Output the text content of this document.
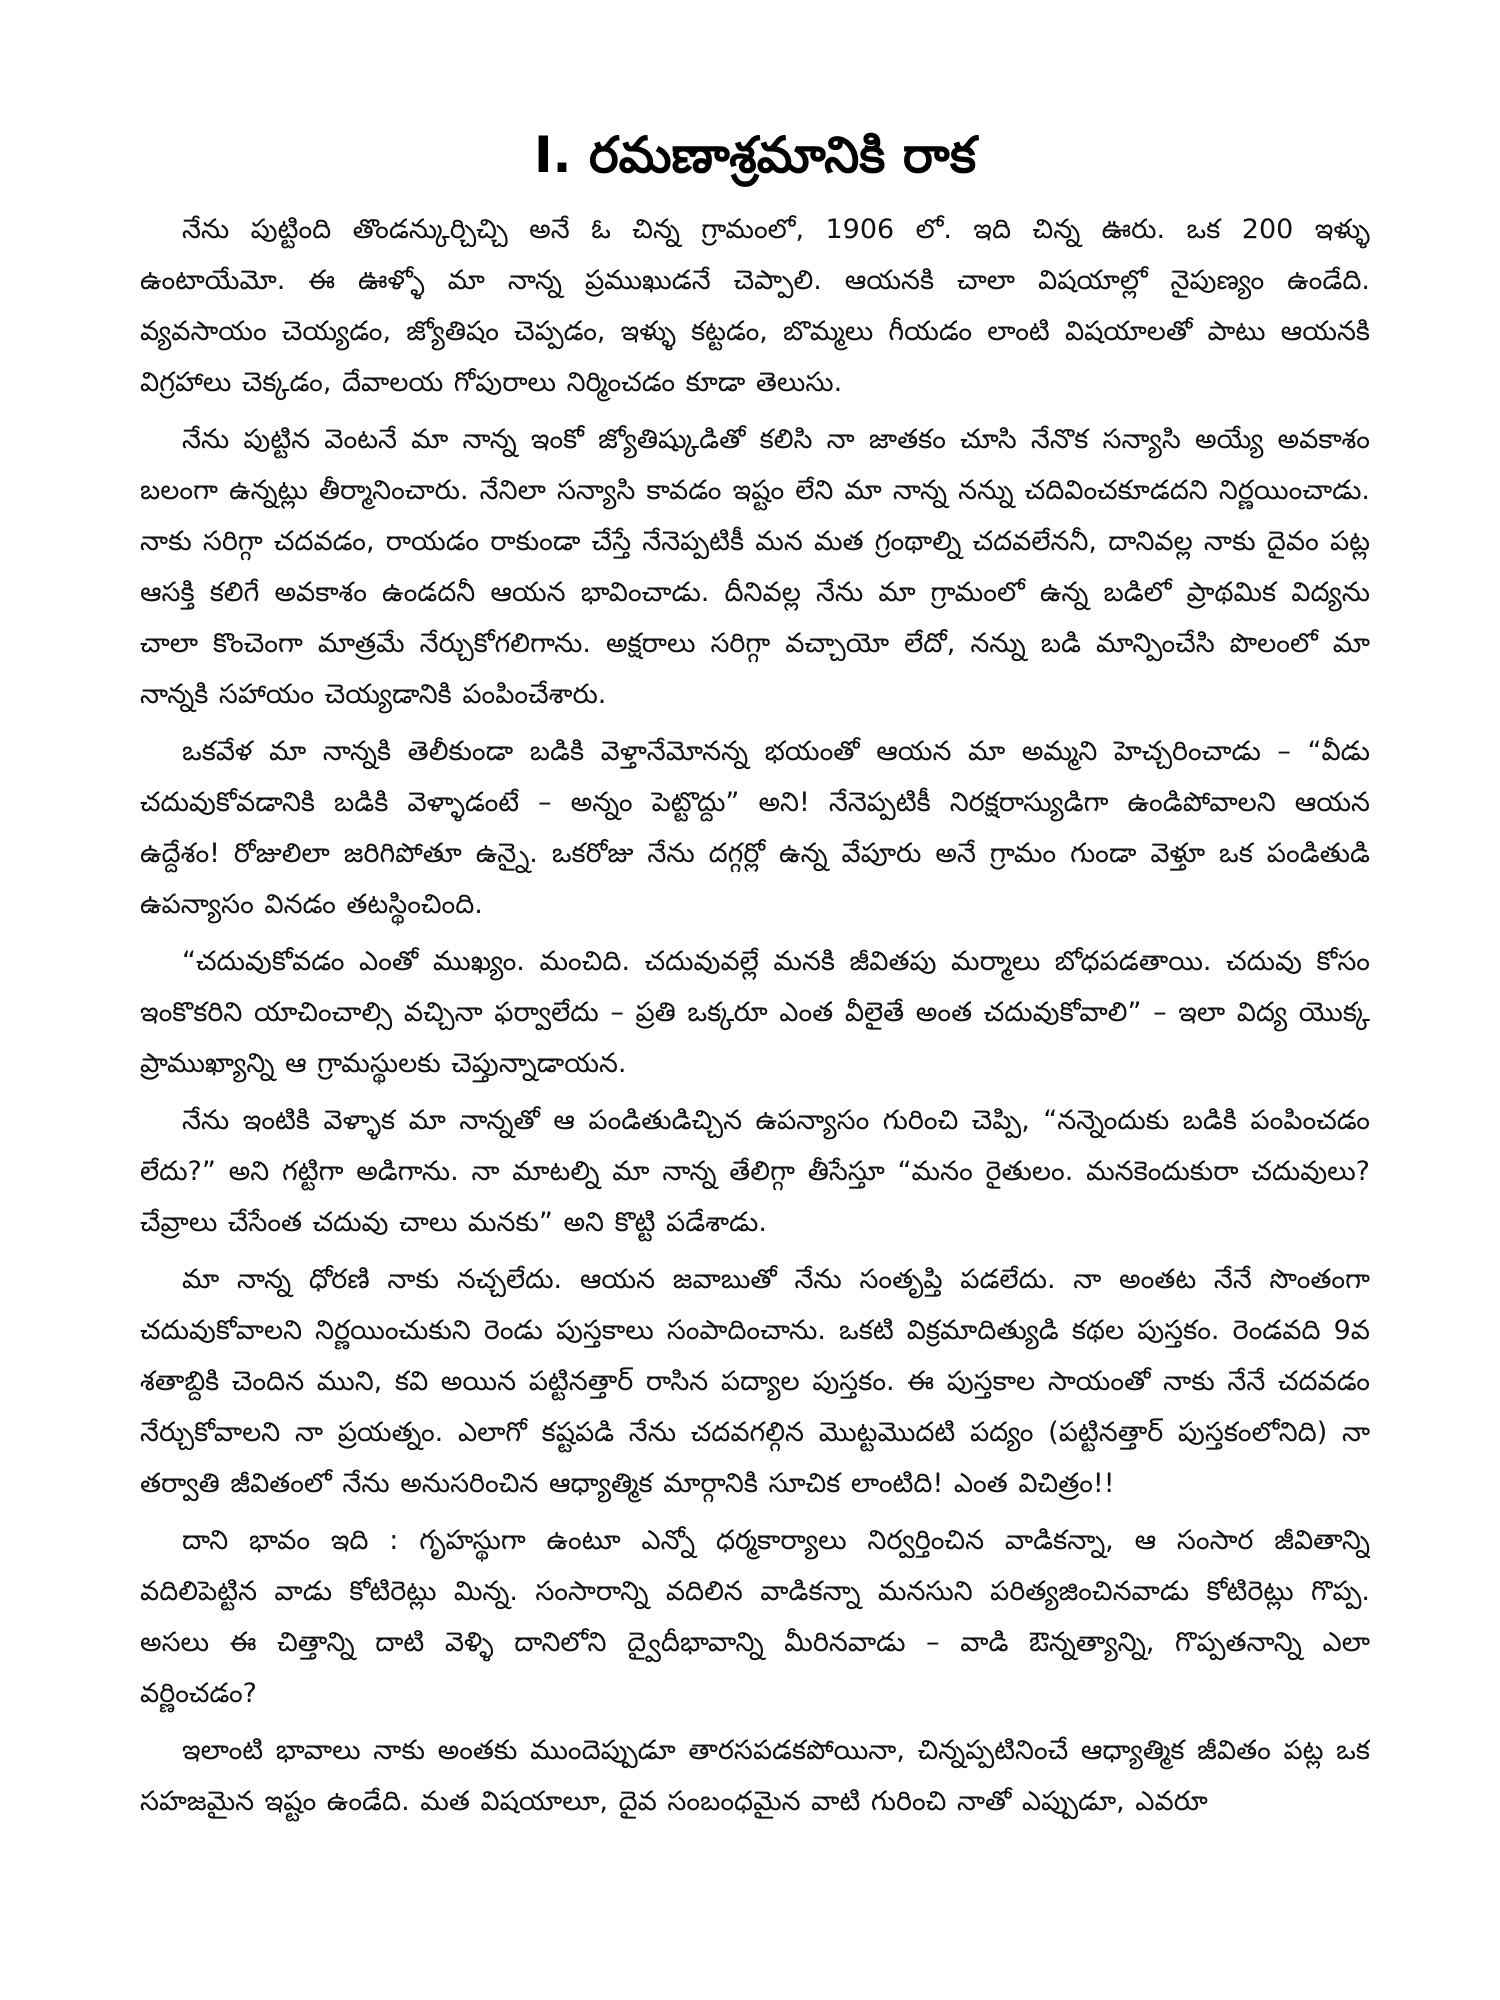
I. రమణాశ్రమానికి రాక

నేను పుట్టింది తొండన్కుర్చిచ్చి అనే ఓ చిన్న గ్రామంలో, 1906 లో. ఇది చిన్న ఊరు. ఒక 200 ఇళ్ళు ఉంటాయేమో. ఈ ఊళ్ళో మా నాన్న ప్రముఖుడనే చెప్పాలి. ఆయనకి చాలా విషయాల్లో నైపుణ్యం ఉండేది. వ్యవసాయం చెయ్యడం, జ్యోతిషం చెప్పడం, ఇళ్ళు కట్టడం, బొమ్మలు గీయడం లాంటి విషయాలతో పాటు ఆయనకి విగ్రహాలు చెక్కడం, దేవాలయ గోపురాలు నిర్మించడం కూడా తెలుసు.

నేను పుట్టిన వెంటనే మా నాన్న ఇంకో జ్యోతిష్కుడితో కలిసి నా జాతకం చూసి నేనొక సన్యాసి అయ్యే అవకాశం బలంగా ఉన్నట్లు తీర్మానించారు. నేనిలా సన్యాసి కావడం ఇష్టం లేని మా నాన్న నన్ను చదివించకూడదని నిర్ణయించాడు. నాకు సరిగ్గా చదవడం, రాయడం రాకుండా చేస్తే నేనెప్పటికీ మన మత గ్రంథాల్ని చదవలేననీ, దానివల్ల నాకు దైవం పట్ల ఆసక్తి కలిగే అవకాశం ఉండదనీ ఆయన భావించాడు. దీనివల్ల నేను మా గ్రామంలో ఉన్న బడిలో ప్రాథమిక విద్యను చాలా కొంచెంగా మాత్రమే నేర్చుకోగలిగాను. అక్షరాలు సరిగ్గా వచ్చాయో లేదో, నన్ను బడి మాన్పించేసి పొలంలో మా నాన్నకి సహాయం చెయ్యడానికి పంపించేశారు.

ఒకవేళ మా నాన్నకి తెలీకుండా బడికి వెళ్తానేమోనన్న భయంతో ఆయన మా అమ్మని హెచ్చరించాడు – “వీడు చదువుకోవడానికి బడికి వెళ్ళాడంటే – అన్నం పెట్టొద్దు” అని! నేనెప్పటికీ నిరక్షరాస్యుడిగా ఉండిపోవాలని ఆయన ఉద్దేశం! రోజులిలా జరిగిపోతూ ఉన్నై. ఒకరోజు నేను దగ్గర్లో ఉన్న వేపూరు అనే గ్రామం గుండా వెళ్తూ ఒక పండితుడి ఉపన్యాసం వినడం తటస్థించింది.

“చదువుకోవడం ఎంతో ముఖ్యం. మంచిది. చదువువల్లే మనకి జీవితపు మర్మాలు బోధపడతాయి. చదువు కోసం ఇంకొకరిని యాచించాల్సి వచ్చినా ఫర్వాలేదు – ప్రతి ఒక్కరూ ఎంత వీలైతే అంత చదువుకోవాలి” – ఇలా విద్య యొక్క ప్రాముఖ్యాన్ని ఆ గ్రామస్థులకు చెప్తున్నాడాయన.

నేను ఇంటికి వెళ్ళాక మా నాన్నతో ఆ పండితుడిచ్చిన ఉపన్యాసం గురించి చెప్పి, “నన్నెందుకు బడికి పంపించడం లేదు?” అని గట్టిగా అడిగాను. నా మాటల్ని మా నాన్న తేలిగ్గా తీసేస్తూ “మనం రైతులం. మనకెందుకురా చదువులు? చేవ్రాలు చేసేంత చదువు చాలు మనకు” అని కొట్టి పడేశాడు.

మా నాన్న ధోరణి నాకు నచ్చలేదు. ఆయన జవాబుతో నేను సంతృప్తి పడలేదు. నా అంతట నేనే సొంతంగా చదువుకోవాలని నిర్ణయించుకుని రెండు పుస్తకాలు సంపాదించాను. ఒకటి విక్రమాదిత్యుడి కథల పుస్తకం. రెండవది 9వ శతాబ్దికి చెందిన ముని, కవి అయిన పట్టినత్తార్ రాసిన పద్యాల పుస్తకం. ఈ పుస్తకాల సాయంతో నాకు నేనే చదవడం నేర్చుకోవాలని నా ప్రయత్నం. ఎలాగో కష్టపడి నేను చదవగల్గిన మొట్టమొదటి పద్యం (పట్టినత్తార్ పుస్తకంలోనిది) నా తర్వాతి జీవితంలో నేను అనుసరించిన ఆధ్యాత్మిక మార్గానికి సూచిక లాంటిది! ఎంత విచిత్రం!!

దాని భావం ఇది : గృహస్థుగా ఉంటూ ఎన్నో ధర్మకార్యాలు నిర్వర్తించిన వాడికన్నా, ఆ సంసార జీవితాన్ని వదిలిపెట్టిన వాడు కోటిరెట్లు మిన్న. సంసారాన్ని వదిలిన వాడికన్నా మనసుని పరిత్యజించినవాడు కోటిరెట్లు గొప్ప. అసలు ఈ చిత్తాన్ని దాటి వెళ్ళి దానిలోని ద్వైదీభావాన్ని మీరినవాడు – వాడి ఔన్నత్యాన్ని, గొప్పతనాన్ని ఎలా వర్ణించడం?

ఇలాంటి భావాలు నాకు అంతకు ముందెప్పుడూ తారసపడకపోయినా, చిన్నప్పటినించే ఆధ్యాత్మిక జీవితం పట్ల ఒక సహజమైన ఇష్టం ఉండేది. మత విషయాలూ, దైవ సంబంధమైన వాటి గురించి నాతో ఎప్పుడూ, ఎవరూ
